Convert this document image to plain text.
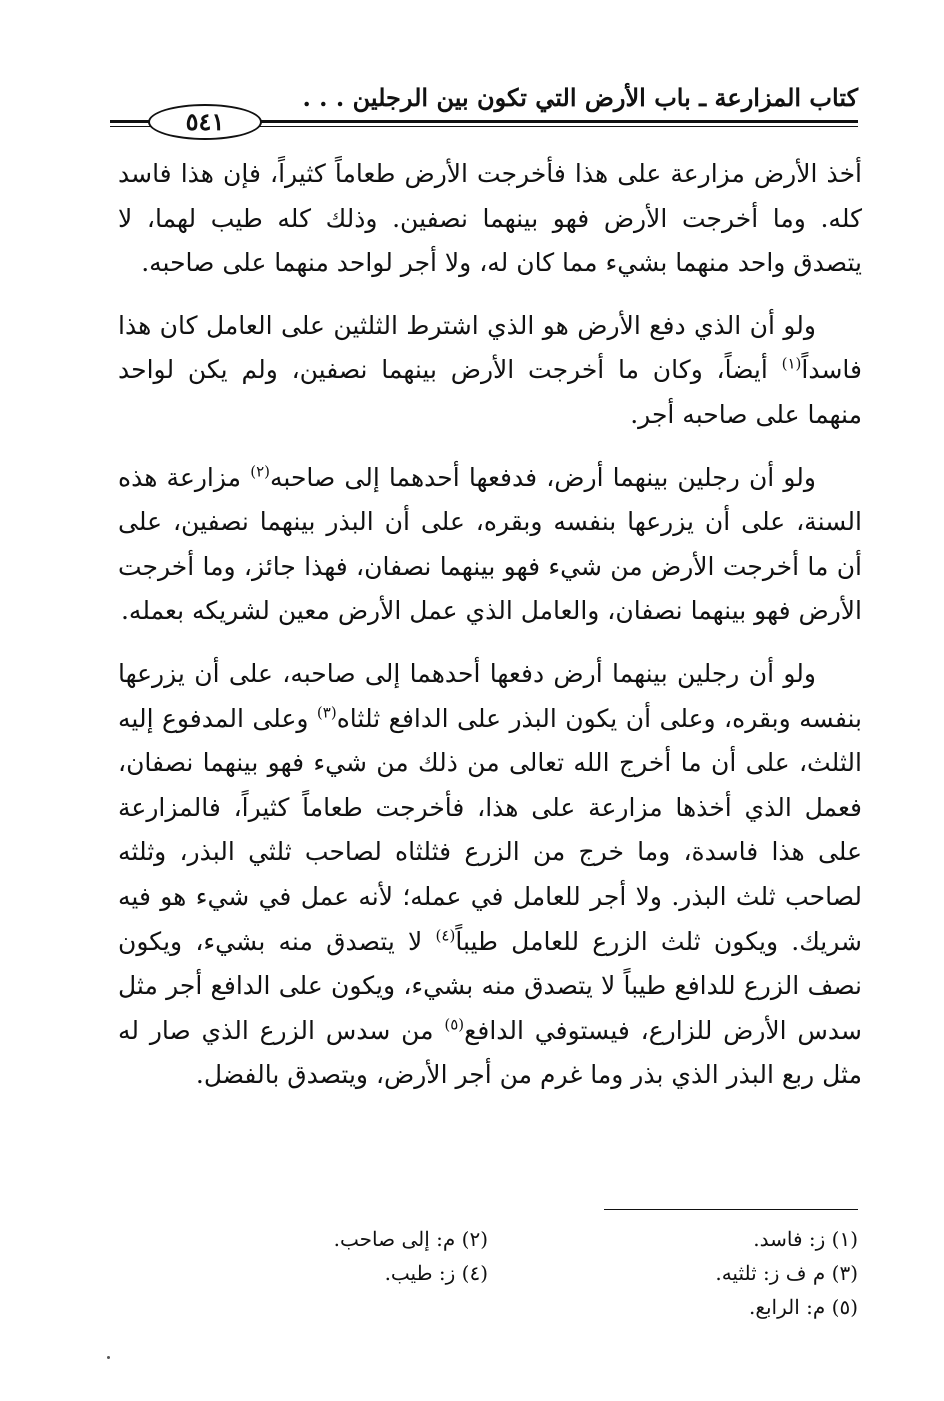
كتاب المزارعة ـ باب الأرض التي تكون بين الرجلين . . .
٥٤١

أخذ الأرض مزارعة على هذا فأخرجت الأرض طعاماً كثيراً، فإن هذا فاسد كله. وما أخرجت الأرض فهو بينهما نصفين. وذلك كله طيب لهما، لا يتصدق واحد منهما بشيء مما كان له، ولا أجر لواحد منهما على صاحبه.

ولو أن الذي دفع الأرض هو الذي اشترط الثلثين على العامل كان هذا فاسداً$^{(١)}$ أيضاً، وكان ما أخرجت الأرض بينهما نصفين، ولم يكن لواحد منهما على صاحبه أجر.

ولو أن رجلين بينهما أرض، فدفعها أحدهما إلى صاحبه$^{(٢)}$ مزارعة هذه السنة، على أن يزرعها بنفسه وبقره، على أن البذر بينهما نصفين، على أن ما أخرجت الأرض من شيء فهو بينهما نصفان، فهذا جائز، وما أخرجت الأرض فهو بينهما نصفان، والعامل الذي عمل الأرض معين لشريكه بعمله.

ولو أن رجلين بينهما أرض دفعها أحدهما إلى صاحبه، على أن يزرعها بنفسه وبقره، وعلى أن يكون البذر على الدافع ثلثاه$^{(٣)}$ وعلى المدفوع إليه الثلث، على أن ما أخرج الله تعالى من ذلك من شيء فهو بينهما نصفان، فعمل الذي أخذها مزارعة على هذا، فأخرجت طعاماً كثيراً، فالمزارعة على هذا فاسدة، وما خرج من الزرع فثلثاه لصاحب ثلثي البذر، وثلثه لصاحب ثلث البذر. ولا أجر للعامل في عمله؛ لأنه عمل في شيء هو فيه شريك. ويكون ثلث الزرع للعامل طيباً$^{(٤)}$ لا يتصدق منه بشيء، ويكون نصف الزرع للدافع طيباً لا يتصدق منه بشيء، ويكون على الدافع أجر مثل سدس الأرض للزارع، فيستوفي الدافع$^{(٥)}$ من سدس الزرع الذي صار له مثل ربع البذر الذي بذر وما غرم من أجر الأرض، ويتصدق بالفضل.

(١) ز: فاسد.
(٢) م: إلى صاحب.
(٣) م ف ز: ثلثيه.
(٤) ز: طيب.
(٥) م: الرابع.
